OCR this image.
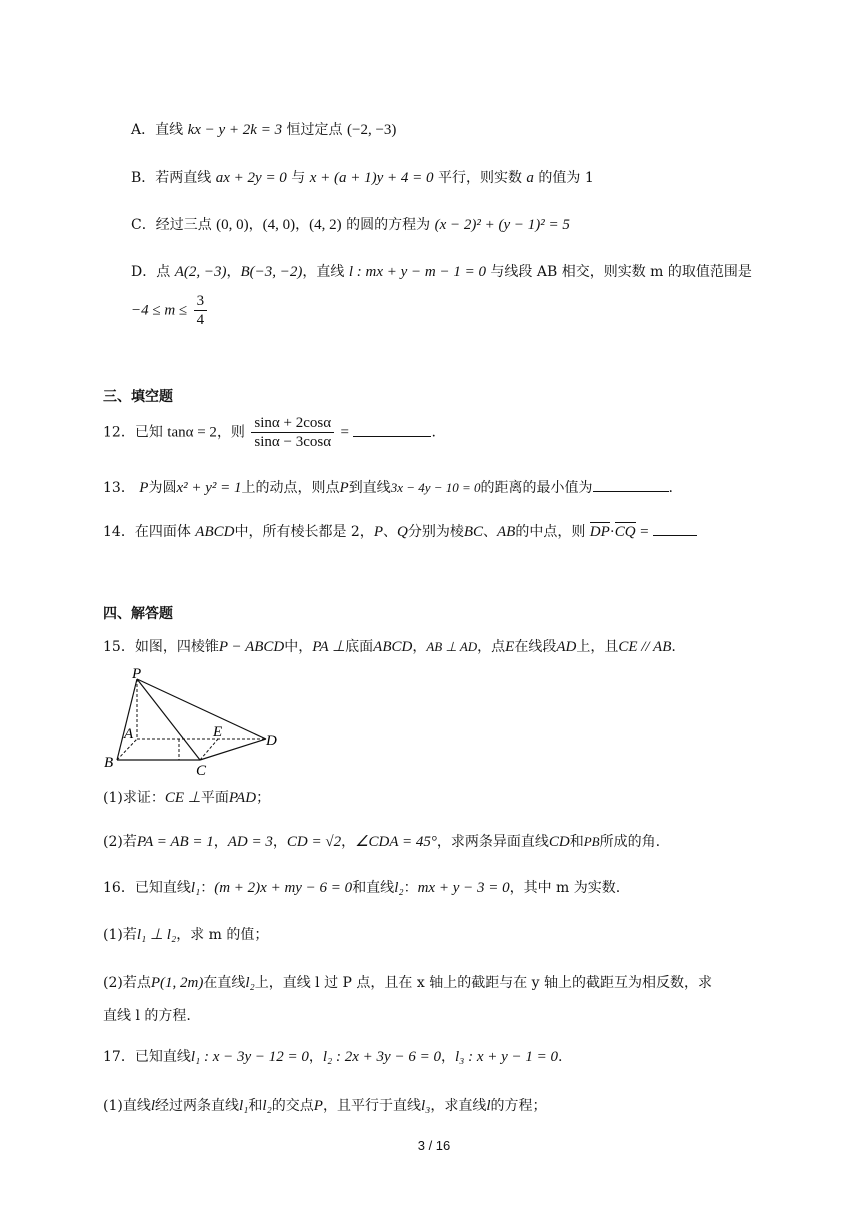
A．直线 kx − y + 2k = 3 恒过定点 (−2, −3)
B．若两直线 ax + 2y = 0 与 x + (a + 1)y + 4 = 0 平行，则实数 a 的值为 1
C．经过三点 (0, 0)，(4, 0)，(4, 2) 的圆的方程为 (x − 2)² + (y − 1)² = 5
D．点 A(2, −3)，B(−3, −2)，直线 l : mx + y − m − 1 = 0 与线段 AB 相交，则实数 m 的取值范围是
$-4 \le m \le \frac{3}{4}$
三、填空题
12．已知 tanα = 2，则 $\frac{\sin\alpha + 2\cos\alpha}{\sin\alpha - 3\cos\alpha}$ =	.
13． P为圆x² + y² = 1上的动点，则点P到直线3x − 4y − 10 = 0的距离的最小值为	.
14．在四面体 ABCD中，所有棱长都是 2，P、Q分别为棱BC、AB的中点，则 DP·CQ =
四、解答题
15．如图，四棱锥P − ABCD中，PA ⊥底面ABCD，AB ⊥ AD，点E在线段AD上，且CE // AB.
P
A
B	C
D
E
(1)求证：CE ⊥平面PAD；
(2)若PA = AB = 1，AD = 3，CD = √2，∠CDA = 45°，求两条异面直线CD和PB所成的角.
16．已知直线l₁：(m + 2)x + my − 6 = 0和直线l₂：mx + y − 3 = 0，其中 m 为实数.
(1)若l₁ ⊥ l₂，求 m 的值；
(2)若点P(1, 2m)在直线l₂上，直线 l 过 P 点，且在 x 轴上的截距与在 y 轴上的截距互为相反数，求
直线 l 的方程.
17．已知直线l₁ : x − 3y − 12 = 0，l₂ : 2x + 3y − 6 = 0，l₃ : x + y − 1 = 0.
(1)直线l经过两条直线l₁和l₂的交点P，且平行于直线l₃，求直线l的方程；
3 / 16
